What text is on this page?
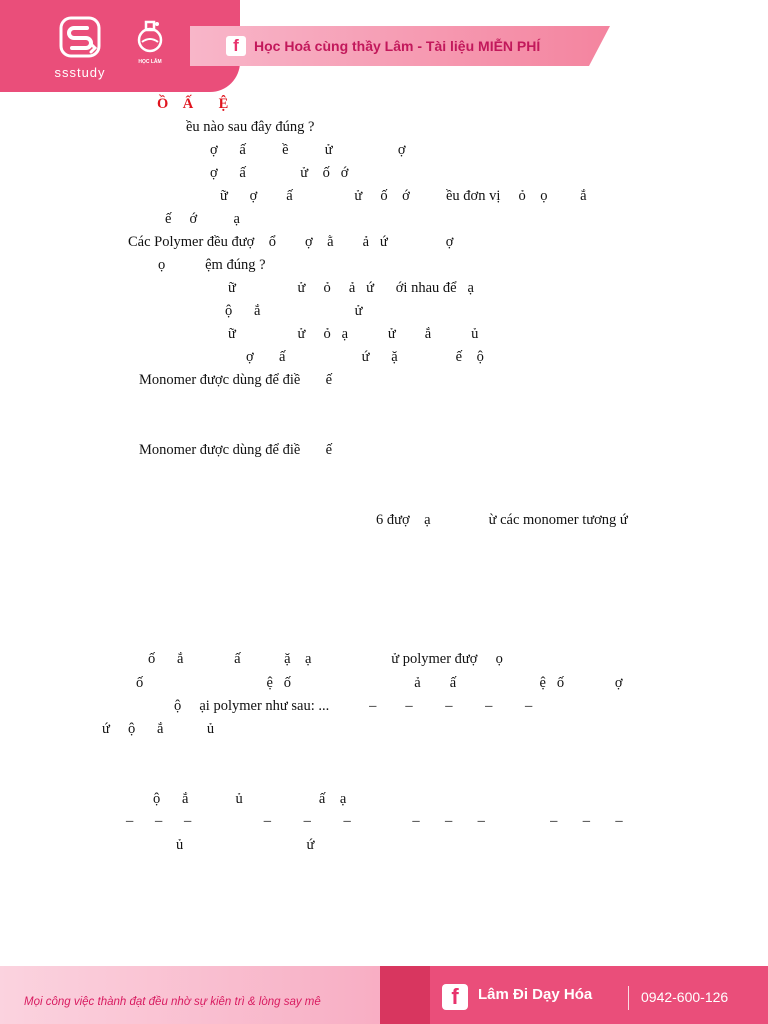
ssstudy
HỌC LÂM
f	Học Hoá cùng thầy Lâm - Tài liệu MIỄN PHÍ
Ồ    Ấ       Ệ
ều nào sau đây đúng ?
ợ      ấ          ề          ử                  ợ
ợ      ấ               ử    ố   ớ
ữ      ợ        ấ                 ử     ố    ớ          ều đơn vị     ỏ    ọ         ắ
ế     ớ          ạ
Các Polymer đều đượ    ổ        ợ    ằ        ả   ứ                ợ
ọ           ệm đúng ?
ữ                 ử     ỏ     ả   ứ      ới nhau để   ạ
ộ      ắ                          ử
ữ                 ử     ỏ   ạ           ử        ắ           ủ
ợ       ấ                     ứ      ặ                ế    ộ
Monomer được dùng để điề       ế
Monomer được dùng để điề       ế
6 đượ    ạ                ừ các monomer tương ứ
ố      ắ              ấ            ặ    ạ                      ử polymer đượ     ọ
ố                                  ệ   ố                                  ả        ấ                       ệ   ố              ợ
ộ     ại polymer như sau: ...           –        –         –         –         –
ứ     ộ      ắ            ủ
ộ      ắ             ủ                     ấ    ạ
–      –      –                    –         –         –                 –       –       –                  –       –       –
ủ                                  ứ
Mọi công việc thành đạt đều nhờ sự kiên trì & lòng say mê	f	Lâm Đi Dạy Hóa	0942-600-126
